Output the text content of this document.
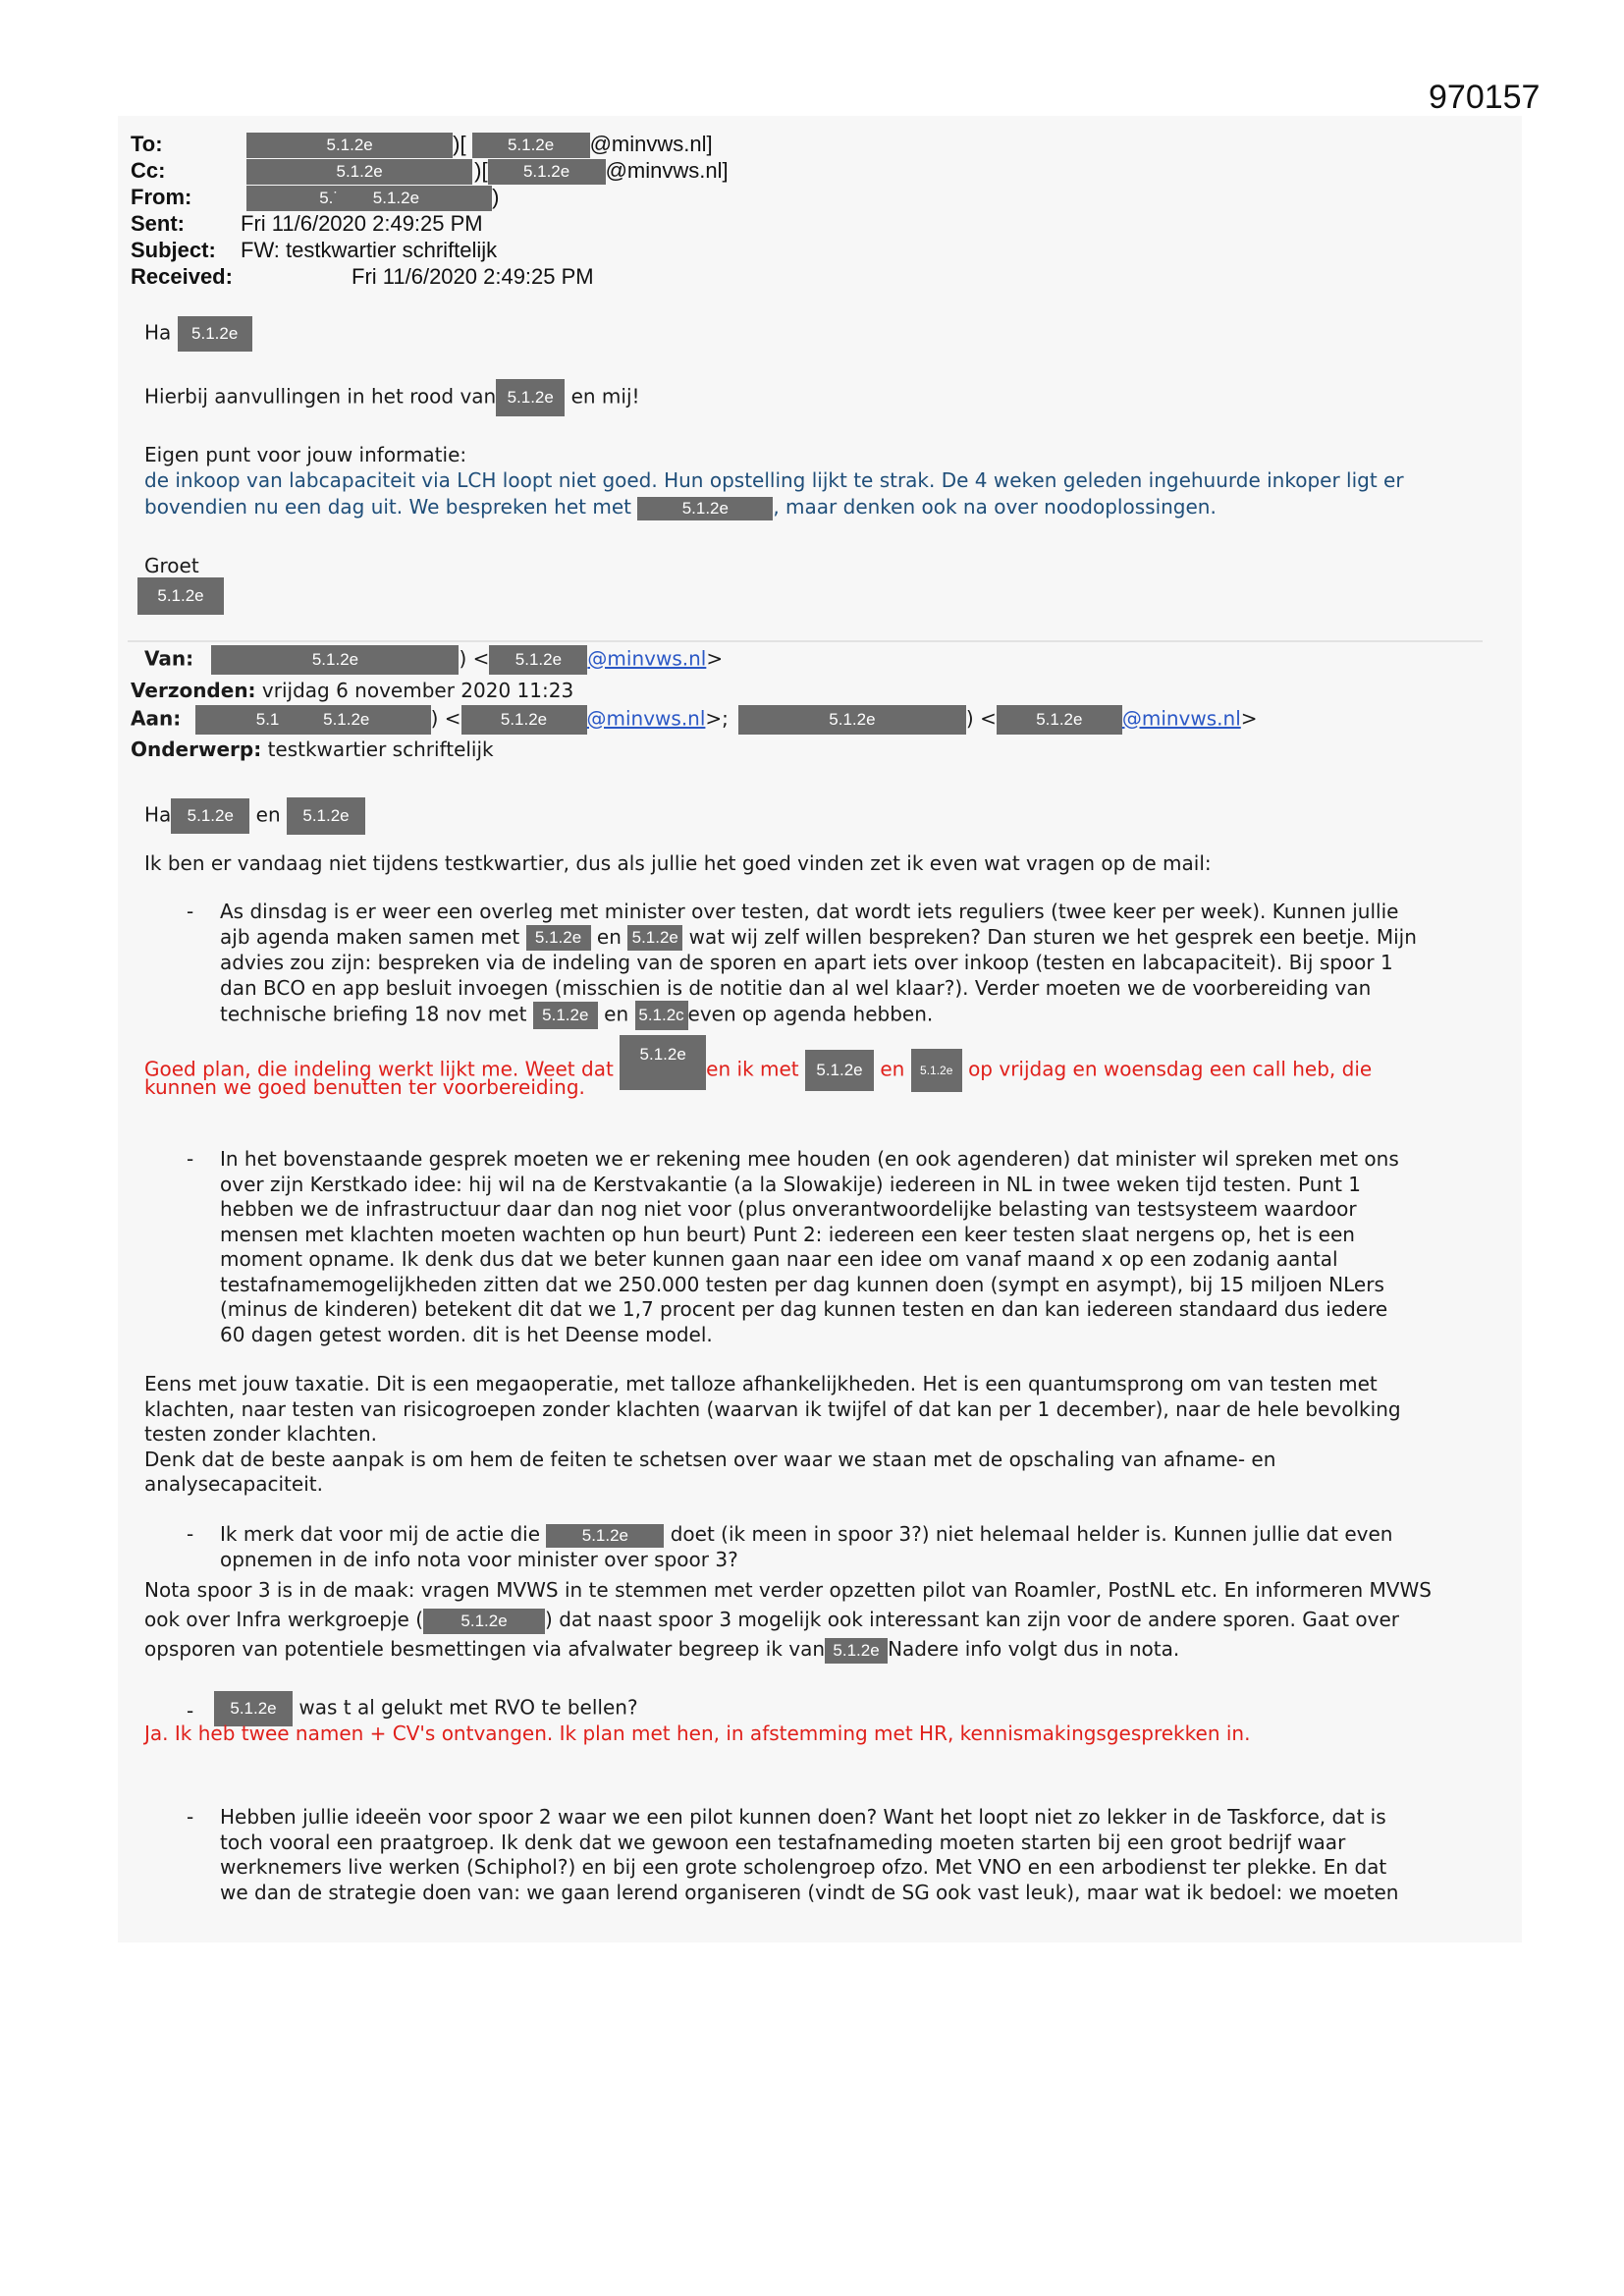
970157
To:	5.1.2e	)[ 5.1.2e @minvws.nl]
Cc:	5.1.2e	)[ 5.1.2e @minvws.nl]
From:	5.˙ 5.1.2e	)
Sent:	Fri 11/6/2020 2:49:25 PM
Subject: FW: testkwartier schriftelijk
Received:	Fri 11/6/2020 2:49:25 PM
Ha 5.1.2e
Hierbij aanvullingen in het rood van 5.1.2e en mij!
Eigen punt voor jouw informatie:
de inkoop van labcapaciteit via LCH loopt niet goed. Hun opstelling lijkt te strak. De 4 weken geleden ingehuurde inkoper ligt er
bovendien nu een dag uit. We bespreken het met	5.1.2e , maar denken ook na over noodoplossingen.
Groet
5.1.2e
Van:	5.1.2e	) < 5.1.2e @minvws.nl>
Verzonden: vrijdag 6 november 2020 11:23
Aan:	5.1	5.1.2e	) < 5.1.2e @minvws.nl>;	5.1.2e	) < 5.1.2e @minvws.nl>
Onderwerp: testkwartier schriftelijk
Ha 5.1.2e en 5.1.2e
Ik ben er vandaag niet tijdens testkwartier, dus als jullie het goed vinden zet ik even wat vragen op de mail:
- As dinsdag is er weer een overleg met minister over testen, dat wordt iets reguliers (twee keer per week). Kunnen jullie
ajb agenda maken samen met 5.1.2e en 5.1.2e wat wij zelf willen bespreken? Dan sturen we het gesprek een beetje. Mijn
advies zou zijn: bespreken via de indeling van de sporen en apart iets over inkoop (testen en labcapaciteit). Bij spoor 1
dan BCO en app besluit invoegen (misschien is de notitie dan al wel klaar?). Verder moeten we de voorbereiding van
technische briefing 18 nov met 5.1.2e en 5.1.2c even op agenda hebben.
Goed plan, die indeling werkt lijkt me. Weet dat 5.1.2een ik met 5.1.2e en 5.1.2e op vrijdag en woensdag een call heb, die
kunnen we goed benutten ter voorbereiding.
- In het bovenstaande gesprek moeten we er rekening mee houden (en ook agenderen) dat minister wil spreken met ons
over zijn Kerstkado idee: hij wil na de Kerstvakantie (a la Slowakije) iedereen in NL in twee weken tijd testen. Punt 1
hebben we de infrastructuur daar dan nog niet voor (plus onverantwoordelijke belasting van testsysteem waardoor
mensen met klachten moeten wachten op hun beurt) Punt 2: iedereen een keer testen slaat nergens op, het is een
moment opname. Ik denk dus dat we beter kunnen gaan naar een idee om vanaf maand x op een zodanig aantal
testafnamemogelijkheden zitten dat we 250.000 testen per dag kunnen doen (sympt en asympt), bij 15 miljoen NLers
(minus de kinderen) betekent dit dat we 1,7 procent per dag kunnen testen en dan kan iedereen standaard dus iedere
60 dagen getest worden. dit is het Deense model.
Eens met jouw taxatie. Dit is een megaoperatie, met talloze afhankelijkheden. Het is een quantumsprong om van testen met
klachten, naar testen van risicogroepen zonder klachten (waarvan ik twijfel of dat kan per 1 december), naar de hele bevolking
testen zonder klachten.
Denk dat de beste aanpak is om hem de feiten te schetsen over waar we staan met de opschaling van afname- en
analysecapaciteit.
- Ik merk dat voor mij de actie die	5.1.2e doet (ik meen in spoor 3?) niet helemaal helder is. Kunnen jullie dat even
opnemen in de info nota voor minister over spoor 3?
Nota spoor 3 is in de maak: vragen MVWS in te stemmen met verder opzetten pilot van Roamler, PostNL etc. En informeren MVWS
ook over Infra werkgroepje ( 5.1.2e ) dat naast spoor 3 mogelijk ook interessant kan zijn voor de andere sporen. Gaat over
opsporen van potentiele besmettingen via afvalwater begreep ik van 5.1.2e Nadere info volgt dus in nota.
-	5.1.2e was t al gelukt met RVO te bellen?
Ja. Ik heb twee namen + CV's ontvangen. Ik plan met hen, in afstemming met HR, kennismakingsgesprekken in.
- Hebben jullie ideeën voor spoor 2 waar we een pilot kunnen doen? Want het loopt niet zo lekker in de Taskforce, dat is
toch vooral een praatgroep. Ik denk dat we gewoon een testafnameding moeten starten bij een groot bedrijf waar
werknemers live werken (Schiphol?) en bij een grote scholengroep ofzo. Met VNO en een arbodienst ter plekke. En dat
we dan de strategie doen van: we gaan lerend organiseren (vindt de SG ook vast leuk), maar wat ik bedoel: we moeten
